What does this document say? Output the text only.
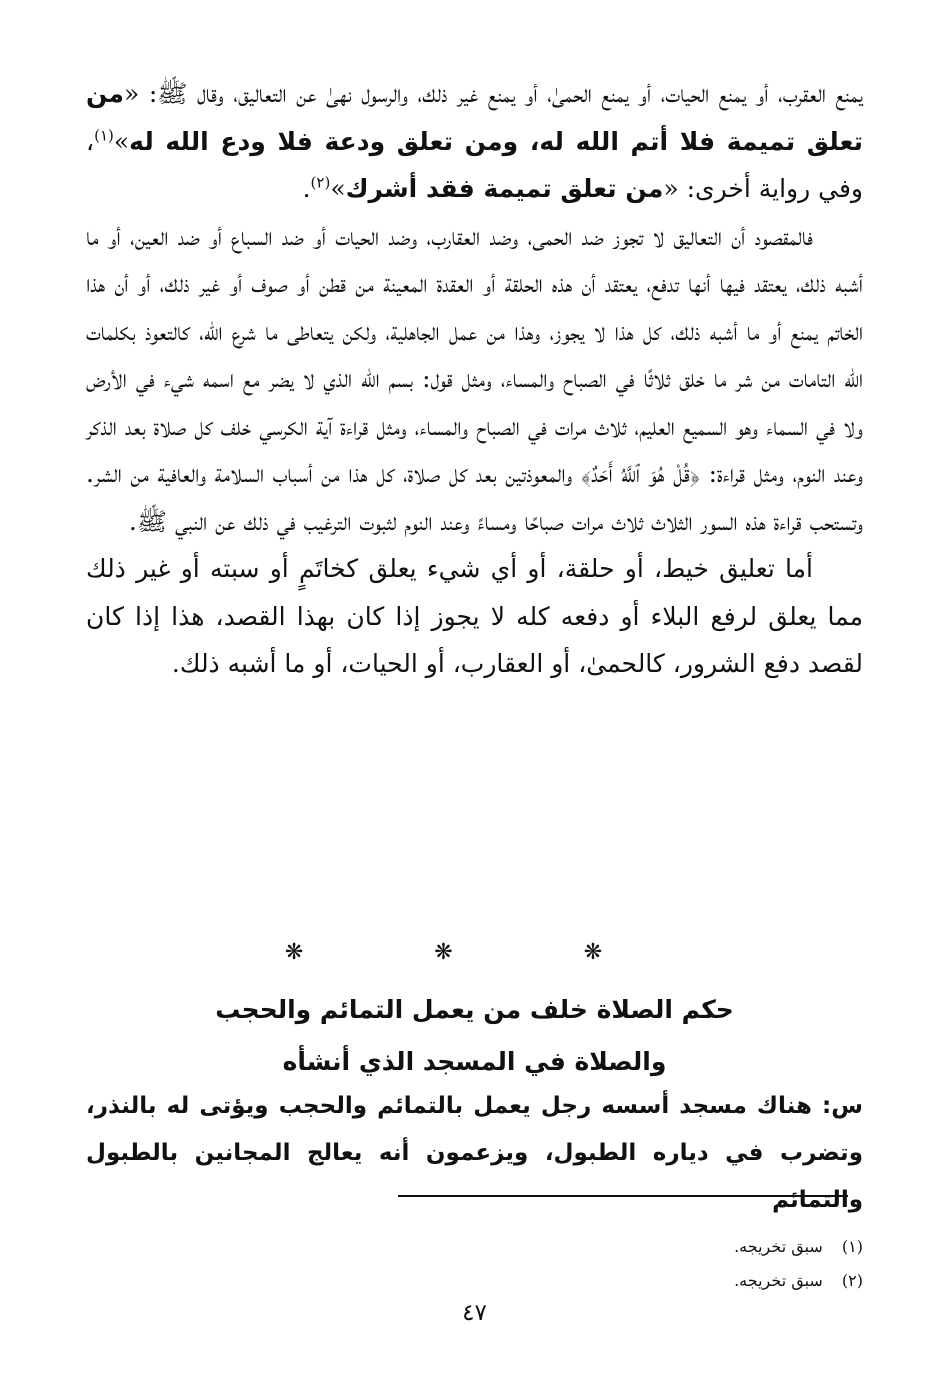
يمنع العقرب، أو يمنع الحيات، أو يمنع الحمىٰ، أو يمنع غير ذلك، والرسول نهىٰ عن التعاليق، وقال ﷺ: «من تعلق تميمة فلا أتم الله له، ومن تعلق ودعة فلا ودع الله له»$^{(١)}$، وفي رواية أخرى: «من تعلق تميمة فقد أشرك»$^{(٢)}$.

فالمقصود أن التعاليق لا تجوز ضد الحمى، وضد العقارب، وضد الحيات أو ضد السباع أو ضد العين، أو ما أشبه ذلك، يعتقد فيها أنها تدفع، يعتقد أن هذه الحلقة أو العقدة المعينة من قطن أو صوف أو غير ذلك، أو أن هذا الخاتم يمنع أو ما أشبه ذلك، كل هذا لا يجوز، وهذا من عمل الجاهلية، ولكن يتعاطى ما شرع الله، كالتعوذ بكلمات الله التامات من شر ما خلق ثلاثًا في الصباح والمساء، ومثل قول: بسم الله الذي لا يضر مع اسمه شيء في الأرض ولا في السماء وهو السميع العليم، ثلاث مرات في الصباح والمساء، ومثل قراءة آية الكرسي خلف كل صلاة بعد الذكر وعند النوم، ومثل قراءة: ﴿قُلْ هُوَ ٱللَّهُ أَحَدٌ﴾ والمعوذتين بعد كل صلاة، كل هذا من أسباب السلامة والعافية من الشر. وتستحب قراءة هذه السور الثلاث ثلاث مرات صباحًا ومساءً وعند النوم لثبوت الترغيب في ذلك عن النبي ﷺ.

أما تعليق خيط، أو حلقة، أو أي شيء يعلق كخاتَمٍ أو سبته أو غير ذلك مما يعلق لرفع البلاء أو دفعه كله لا يجوز إذا كان بهذا القصد، هذا إذا كان لقصد دفع الشرور، كالحمىٰ، أو العقارب، أو الحيات، أو ما أشبه ذلك.

❋ ❋ ❋
حكم الصلاة خلف من يعمل التمائم والحجب
والصلاة في المسجد الذي أنشأه
س: هناك مسجد أسسه رجل يعمل بالتمائم والحجب ويؤتى له بالنذر، وتضرب في دياره الطبول، ويزعمون أنه يعالج المجانين بالطبول والتمائم
(١) سبق تخريجه.
(٢) سبق تخريجه.
٤٧
